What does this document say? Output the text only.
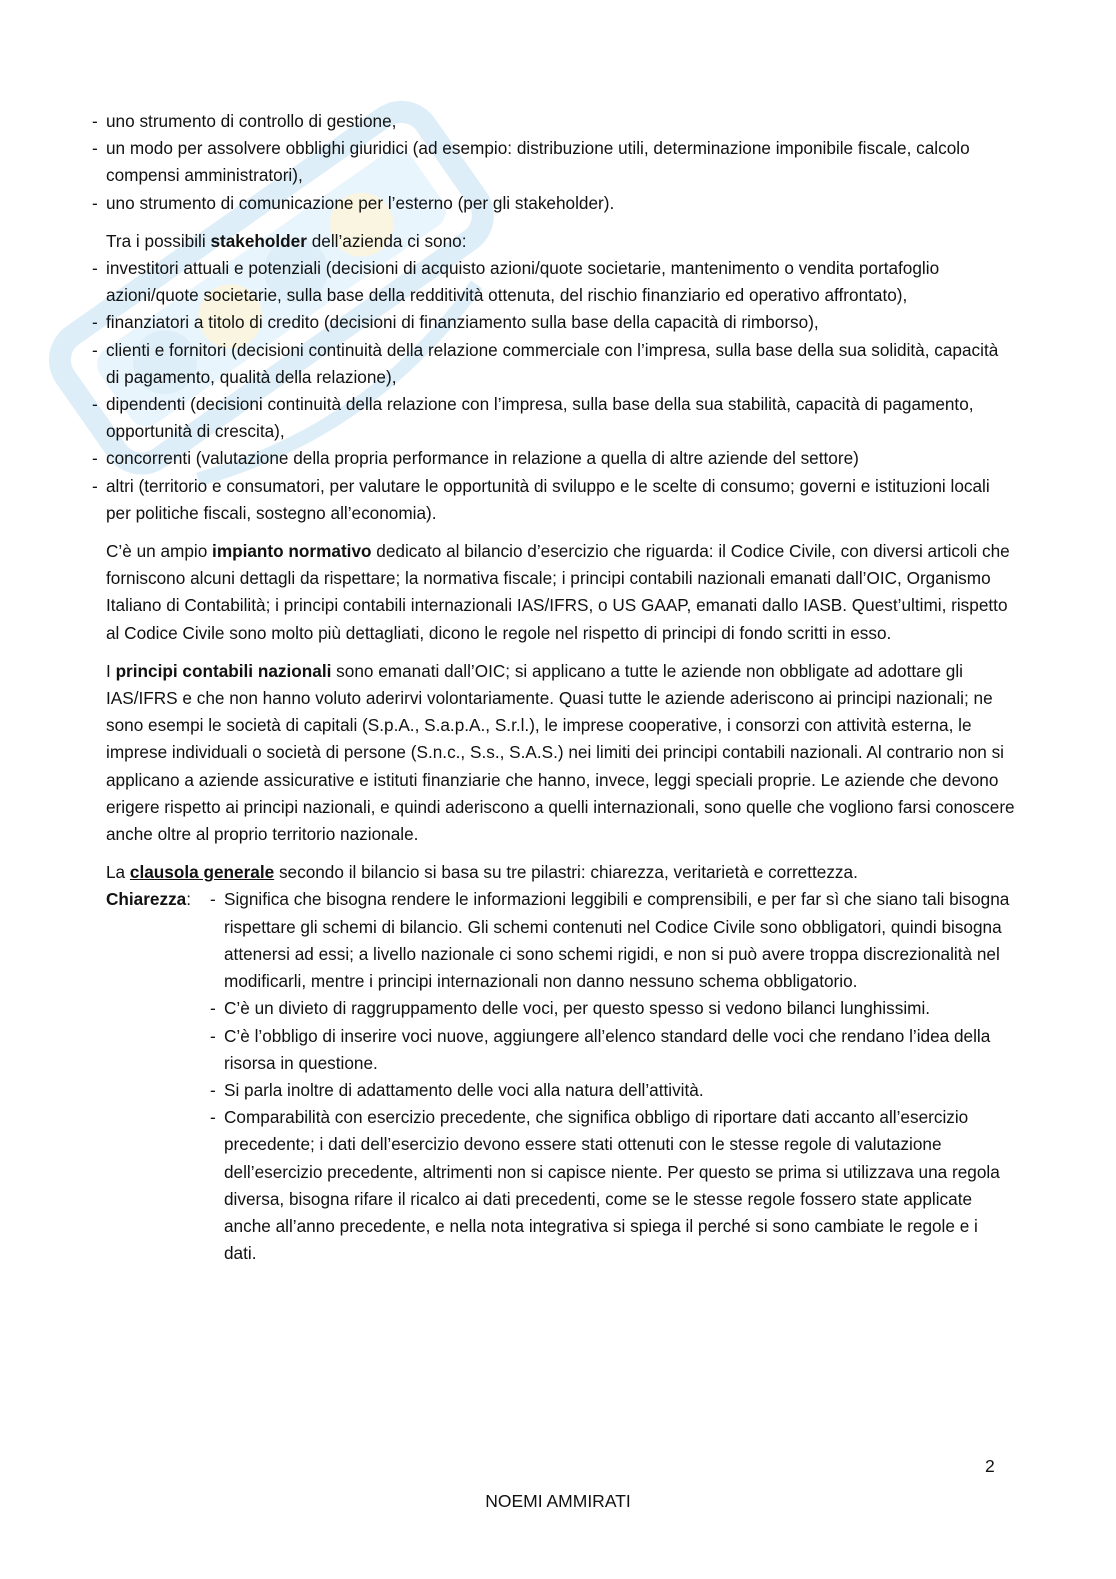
- uno strumento di controllo di gestione,
- un modo per assolvere obblighi giuridici (ad esempio: distribuzione utili, determinazione imponibile fiscale, calcolo compensi amministratori),
- uno strumento di comunicazione per l’esterno (per gli stakeholder).
Tra i possibili stakeholder dell’azienda ci sono:
- investitori attuali e potenziali (decisioni di acquisto azioni/quote societarie, mantenimento o vendita portafoglio azioni/quote societarie, sulla base della redditività ottenuta, del rischio finanziario ed operativo affrontato),
- finanziatori a titolo di credito (decisioni di finanziamento sulla base della capacità di rimborso),
- clienti e fornitori (decisioni continuità della relazione commerciale con l’impresa, sulla base della sua solidità, capacità di pagamento, qualità della relazione),
- dipendenti (decisioni continuità della relazione con l’impresa, sulla base della sua stabilità, capacità di pagamento, opportunità di crescita),
- concorrenti (valutazione della propria performance in relazione a quella di altre aziende del settore)
- altri (territorio e consumatori, per valutare le opportunità di sviluppo e le scelte di consumo; governi e istituzioni locali per politiche fiscali, sostegno all’economia).
C’è un ampio impianto normativo dedicato al bilancio d’esercizio che riguarda: il Codice Civile, con diversi articoli che forniscono alcuni dettagli da rispettare; la normativa fiscale; i principi contabili nazionali emanati dall’OIC, Organismo Italiano di Contabilità; i principi contabili internazionali IAS/IFRS, o US GAAP, emanati dallo IASB. Quest’ultimi, rispetto al Codice Civile sono molto più dettagliati, dicono le regole nel rispetto di principi di fondo scritti in esso.
I principi contabili nazionali sono emanati dall’OIC; si applicano a tutte le aziende non obbligate ad adottare gli IAS/IFRS e che non hanno voluto aderirvi volontariamente. Quasi tutte le aziende aderiscono ai principi nazionali; ne sono esempi le società di capitali (S.p.A., S.a.p.A., S.r.l.), le imprese cooperative, i consorzi con attività esterna, le imprese individuali o società di persone (S.n.c., S.s., S.A.S.) nei limiti dei principi contabili nazionali. Al contrario non si applicano a aziende assicurative e istituti finanziarie che hanno, invece, leggi speciali proprie. Le aziende che devono erigere rispetto ai principi nazionali, e quindi aderiscono a quelli internazionali, sono quelle che vogliono farsi conoscere anche oltre al proprio territorio nazionale.
La clausola generale secondo il bilancio si basa su tre pilastri: chiarezza, veritarietà e correttezza.
Chiarezza:
-	Significa che bisogna rendere le informazioni leggibili e comprensibili, e per far sì che siano tali bisogna rispettare gli schemi di bilancio. Gli schemi contenuti nel Codice Civile sono obbligatori, quindi bisogna attenersi ad essi; a livello nazionale ci sono schemi rigidi, e non si può avere troppa discrezionalità nel modificarli, mentre i principi internazionali non danno nessuno schema obbligatorio.
- C’è un divieto di raggruppamento delle voci, per questo spesso si vedono bilanci lunghissimi.
- C’è l’obbligo di inserire voci nuove, aggiungere all’elenco standard delle voci che rendano l’idea della risorsa in questione.
- Si parla inoltre di adattamento delle voci alla natura dell’attività.
- Comparabilità con esercizio precedente, che significa obbligo di riportare dati accanto all’esercizio precedente; i dati dell’esercizio devono essere stati ottenuti con le stesse regole di valutazione dell’esercizio precedente, altrimenti non si capisce niente. Per questo se prima si utilizzava una regola diversa, bisogna rifare il ricalco ai dati precedenti, come se le stesse regole fossero state applicate anche all’anno precedente, e nella nota integrativa si spiega il perché si sono cambiate le regole e i dati.
2
NOEMI AMMIRATI
